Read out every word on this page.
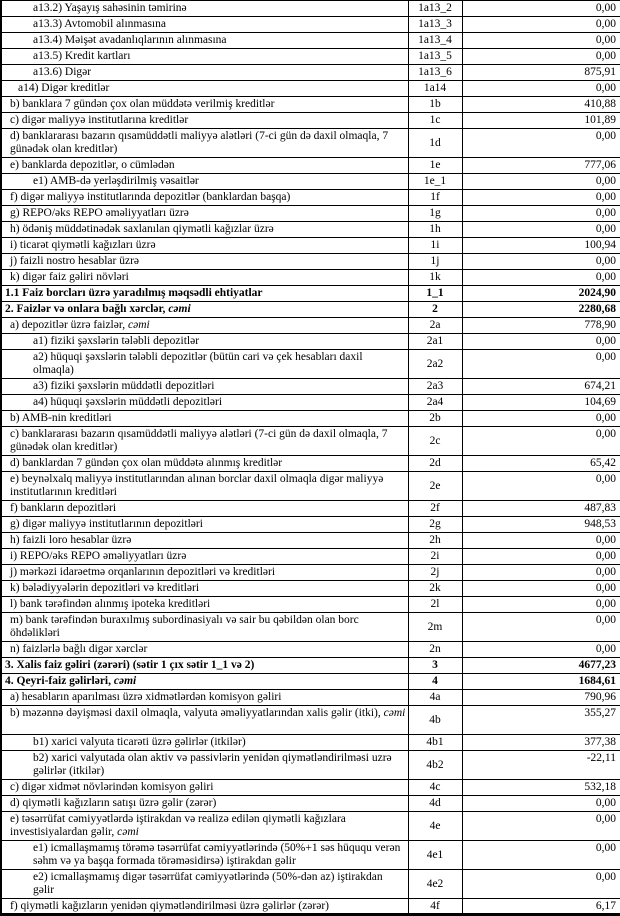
a13.2) Yaşayış sahəsinin təmirinə	1a13_2	0,00
a13.3) Avtomobil alınmasına	1a13_3	0,00
a13.4) Məişət avadanlıqlarının alınmasına	1a13_4	0,00
a13.5) Kredit kartları	1a13_5	0,00
a13.6) Digər	1a13_6	875,91
a14) Digər kreditlər	1a14	0,00
b) banklara 7 gündən çox olan müddətə verilmiş kreditlər	1b	410,88
c) digər maliyyə institutlarına kreditlər	1c	101,89
d) banklararası bazarın qısamüddətli maliyyə alətləri (7-ci gün də daxil olmaqla, 7 günədək olan kreditlər)	1d	0,00
e) banklarda depozitlər, o cümlədən	1e	777,06
e1) AMB-də yerləşdirilmiş vəsaitlər	1e_1	0,00
f) digər maliyyə institutlarında depozitlər (banklardan başqa)	1f	0,00
g) REPO/əks REPO əməliyyatları üzrə	1g	0,00
h) ödəniş müddətinədək saxlanılan qiymətli kağızlar üzrə	1h	0,00
i) ticarət qiymətli kağızları üzrə	1i	100,94
j) faizli nostro hesablar üzrə	1j	0,00
k) digər faiz gəliri növləri	1k	0,00
1.1 Faiz borcları üzrə yaradılmış məqsədli ehtiyatlar	1_1	2024,90
2. Faizlər və onlara bağlı xərclər, cəmi	2	2280,68
a) depozitlər üzrə faizlər, cəmi	2a	778,90
a1) fiziki şəxslərin tələbli depozitlər	2a1	0,00
a2) hüquqi şəxslərin tələbli depozitlər (bütün cari və çek hesabları daxil olmaqla)	2a2	0,00
a3) fiziki şəxslərin müddətli depozitləri	2a3	674,21
a4) hüquqi şəxslərin müddətli depozitləri	2a4	104,69
b) AMB-nin kreditləri	2b	0,00
c) banklararası bazarın qısamüddətli maliyyə alətləri (7-ci gün də daxil olmaqla, 7 günədək olan kreditlər)	2c	0,00
d) banklardan 7 gündən çox olan müddətə alınmış kreditlər	2d	65,42
e) beynəlxalq maliyyə institutlarından alınan borclar daxil olmaqla digər maliyyə institutlarının kreditləri	2e	0,00
f) bankların depozitləri	2f	487,83
g) digər maliyyə institutlarının depozitləri	2g	948,53
h) faizli loro hesablar üzrə	2h	0,00
i) REPO/əks REPO əməliyyatları üzrə	2i	0,00
j) mərkəzi idarəetmə orqanlarının depozitləri və kreditləri	2j	0,00
k) bələdiyyələrin depozitləri və kreditləri	2k	0,00
l) bank tərəfindən alınmış ipoteka kreditləri	2l	0,00
m) bank tərəfindən buraxılmış subordinasiyalı və sair bu qəbildən olan borc öhdəlikləri	2m	0,00
n) faizlərlə bağlı digər xərclər	2n	0,00
3. Xalis faiz gəliri (zərəri) (sətir 1 çıx sətir 1_1 və 2)	3	4677,23
4. Qeyri-faiz gəlirləri, cəmi	4	1684,61
a) hesabların aparılması üzrə xidmətlərdən komisyon gəliri	4a	790,96
b) məzənnə dəyişməsi daxil olmaqla, valyuta əməliyyatlarından xalis gəlir (itki), cəmi	4b	355,27
b1) xarici valyuta ticarəti üzrə gəlirlər (itkilər)	4b1	377,38
b2) xarici valyutada olan aktiv və passivlərin yenidən qiymətləndirilməsi uzrə gəlirlər (itkilər)	4b2	-22,11
c) digər xidmət növlərindən komisyon gəliri	4c	532,18
d) qiymətli kağızların satışı üzrə gəlir (zərər)	4d	0,00
e) təsərrüfat cəmiyyətlərdə iştirakdan və realizə edilən qiymətli kağızlara investisiyalardan gəlir, cəmi	4e	0,00
e1) icmallaşmamış törəmə təsərrüfat cəmiyyətlərində (50%+1 səs hüququ verən səhm və ya başqa formada törəməsidirsə) iştirakdan gəlir	4e1	0,00
e2) icmallaşmamış digər təsərrüfat cəmiyyətlərində (50%-dən az) iştirakdan gəlir	4e2	0,00
f) qiymətli kağızların yenidən qiymətləndirilməsi üzrə gəlirlər (zərər)	4f	6,17
